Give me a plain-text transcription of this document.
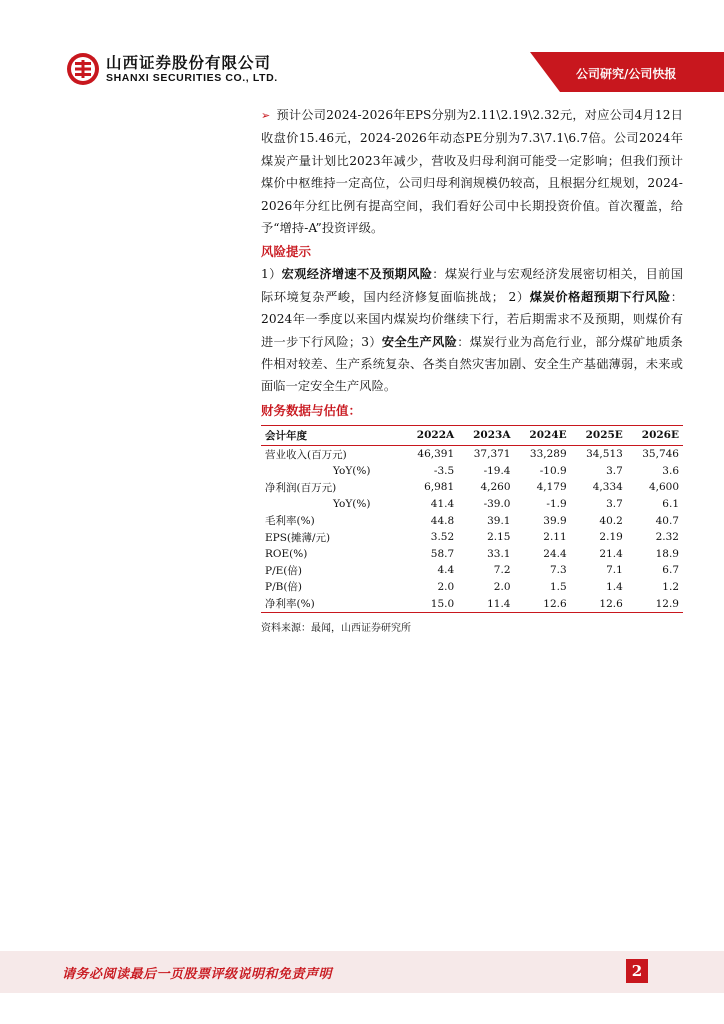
山西证券股份有限公司
SHANXI SECURITIES CO., LTD.	公司研究/公司快报

➢ 预计公司2024-2026年EPS分别为2.11\2.19\2.32元，对应公司4月12日收盘价15.46元，2024-2026年动态PE分别为7.3\7.1\6.7倍。公司2024年煤炭产量计划比2023年减少，营收及归母利润可能受一定影响；但我们预计煤价中枢维持一定高位，公司归母利润规模仍较高，且根据分红规划，2024-2026年分红比例有提高空间，我们看好公司中长期投资价值。首次覆盖，给予“增持-A”投资评级。

风险提示

1）宏观经济增速不及预期风险：煤炭行业与宏观经济发展密切相关，目前国际环境复杂严峻，国内经济修复面临挑战； 2）煤炭价格超预期下行风险：2024年一季度以来国内煤炭均价继续下行，若后期需求不及预期，则煤价有进一步下行风险；3）安全生产风险：煤炭行业为高危行业，部分煤矿地质条件相对较差、生产系统复杂、各类自然灾害加剧、安全生产基础薄弱，未来或面临一定安全生产风险。

财务数据与估值：
会计年度	2022A	2023A	2024E	2025E	2026E
营业收入(百万元)	46,391	37,371	33,289	34,513	35,746
YoY(%)	-3.5	-19.4	-10.9	3.7	3.6
净利润(百万元)	6,981	4,260	4,179	4,334	4,600
YoY(%)	41.4	-39.0	-1.9	3.7	6.1
毛利率(%)	44.8	39.1	39.9	40.2	40.7
EPS(摊薄/元)	3.52	2.15	2.11	2.19	2.32
ROE(%)	58.7	33.1	24.4	21.4	18.9
P/E(倍)	4.4	7.2	7.3	7.1	6.7
P/B(倍)	2.0	2.0	1.5	1.4	1.2
净利率(%)	15.0	11.4	12.6	12.6	12.9
资料来源：最闻，山西证券研究所
请务必阅读最后一页股票评级说明和免责声明	2
